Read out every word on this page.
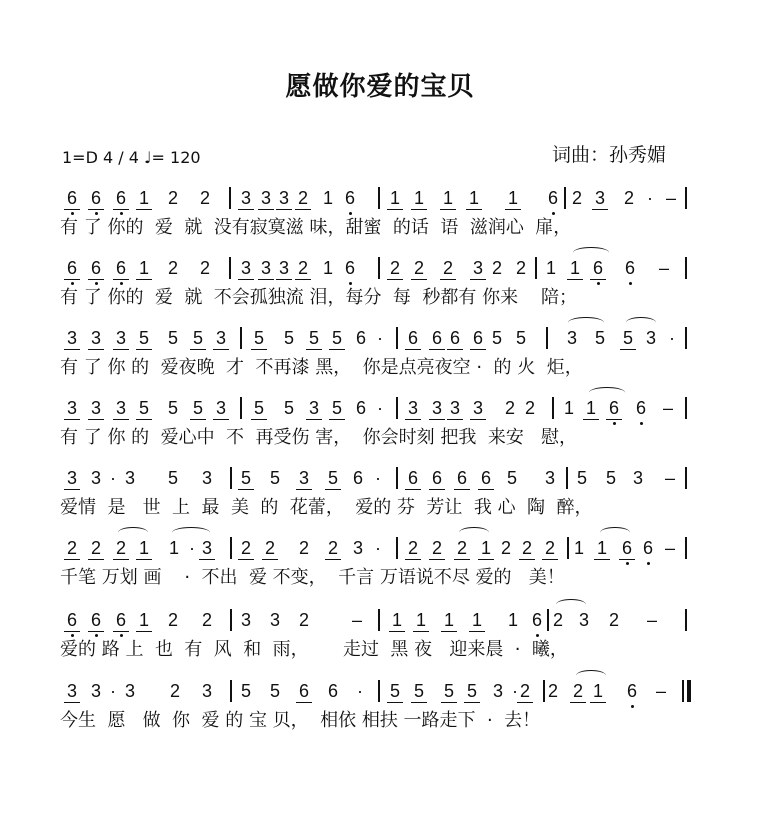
愿做你爱的宝贝
1=D 4 / 4 ♩= 120	词曲：孙秀媚
6 6 6 1 2 2 3 3 3 2 1 6 1 1 1 1 1 6 2 3 2 · –
有 了 你的  爱  就  没有寂寞滋 味，甜蜜  的话  语  滋润心  扉，
6 6 6 1 2 2 3 3 3 2 1 6 2 2 2 3 2 2 1 1 6 6 –
有 了 你的  爱  就  不会孤独流 泪，每分  每  秒都有 你来    陪；
3 3 3 5 5 5 3 5 5 5 5 6 ·	6 6 6 6 5 5 3 5 5 3 ·
有 了 你 的  爱夜晚  才  不再漆 黑，  你是点亮夜空 ·  的 火  炬，
3 3 3 5 5 5 3 5 5 3 5 6 ·	3 3 3 3 2 2 1 1 6 6 –
有 了 你 的  爱心中  不  再受伤 害，  你会时刻 把我  来安   慰，
3 3 · 3 5 3 5 5 3 5 6 ·	6 6 6 6 5 3 5 5 3 –
爱情  是   世  上  最  美  的  花蕾，  爱的 芬  芳让  我 心  陶  醉，
2 2 2 1 1 · 3 2 2 2 2 3 ·	2 2 2 1 2 2 2 1 1 6 6 –
千笔 万划 画    ·  不出  爱 不变，  千言 万语说不尽 爱的   美！
6 6 6 1 2 2 3 3 2 – 1 1 1 1 1 6 2 3 2 –
爱的 路 上  也  有  风  和  雨，      走过  黑 夜   迎来晨  ·  曦，
3 3 · 3 2 3 5 5 6 6	·	5 5 5 5 3 · 2 2 2 1 6 –
今生  愿   做  你  爱 的 宝 贝，  相依 相扶 一路走下  ·  去！
